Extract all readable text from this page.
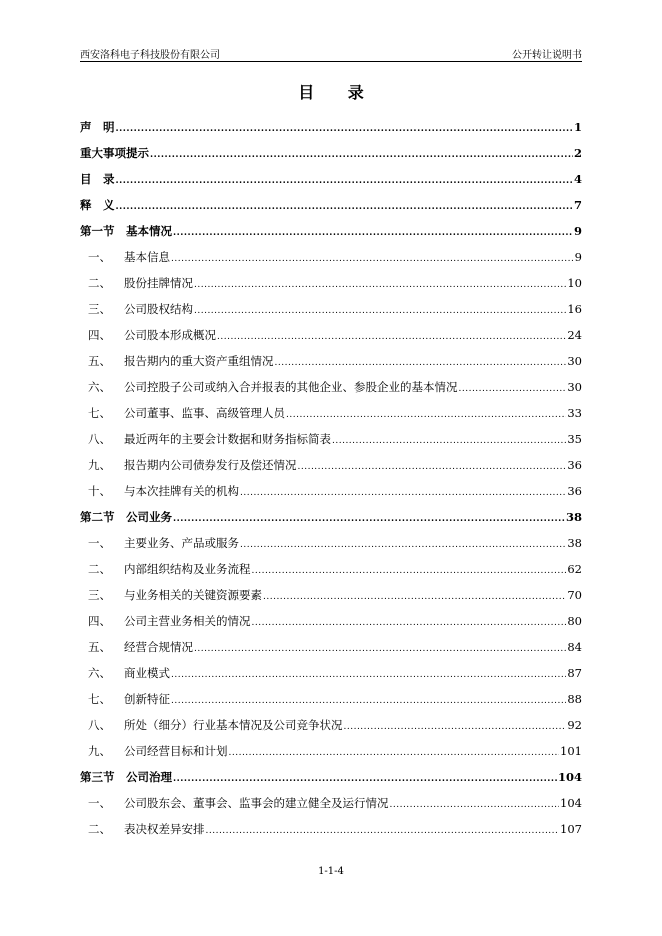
西安洛科电子科技股份有限公司	公开转让说明书
目 录
声　明 .....	1
重大事项提示 .....	2
目　录 .....	4
释　义 .....	7
第一节　基本情况 .....	9
一、	基本信息 .....	9
二、	股份挂牌情况 .....	10
三、	公司股权结构 .....	16
四、	公司股本形成概况 .....	24
五、	报告期内的重大资产重组情况 .....	30
六、	公司控股子公司或纳入合并报表的其他企业、参股企业的基本情况 .....	30
七、	公司董事、监事、高级管理人员 .....	33
八、	最近两年的主要会计数据和财务指标简表 .....	35
九、	报告期内公司债券发行及偿还情况 .....	36
十、	与本次挂牌有关的机构 .....	36
第二节　公司业务 .....	38
一、	主要业务、产品或服务 .....	38
二、	内部组织结构及业务流程 .....	62
三、	与业务相关的关键资源要素 .....	70
四、	公司主营业务相关的情况 .....	80
五、	经营合规情况 .....	84
六、	商业模式 .....	87
七、	创新特征 .....	88
八、	所处（细分）行业基本情况及公司竞争状况 .....	92
九、	公司经营目标和计划 .....	101
第三节　公司治理 .....	104
一、	公司股东会、董事会、监事会的建立健全及运行情况 .....	104
二、	表决权差异安排 .....	107
1-1-4
